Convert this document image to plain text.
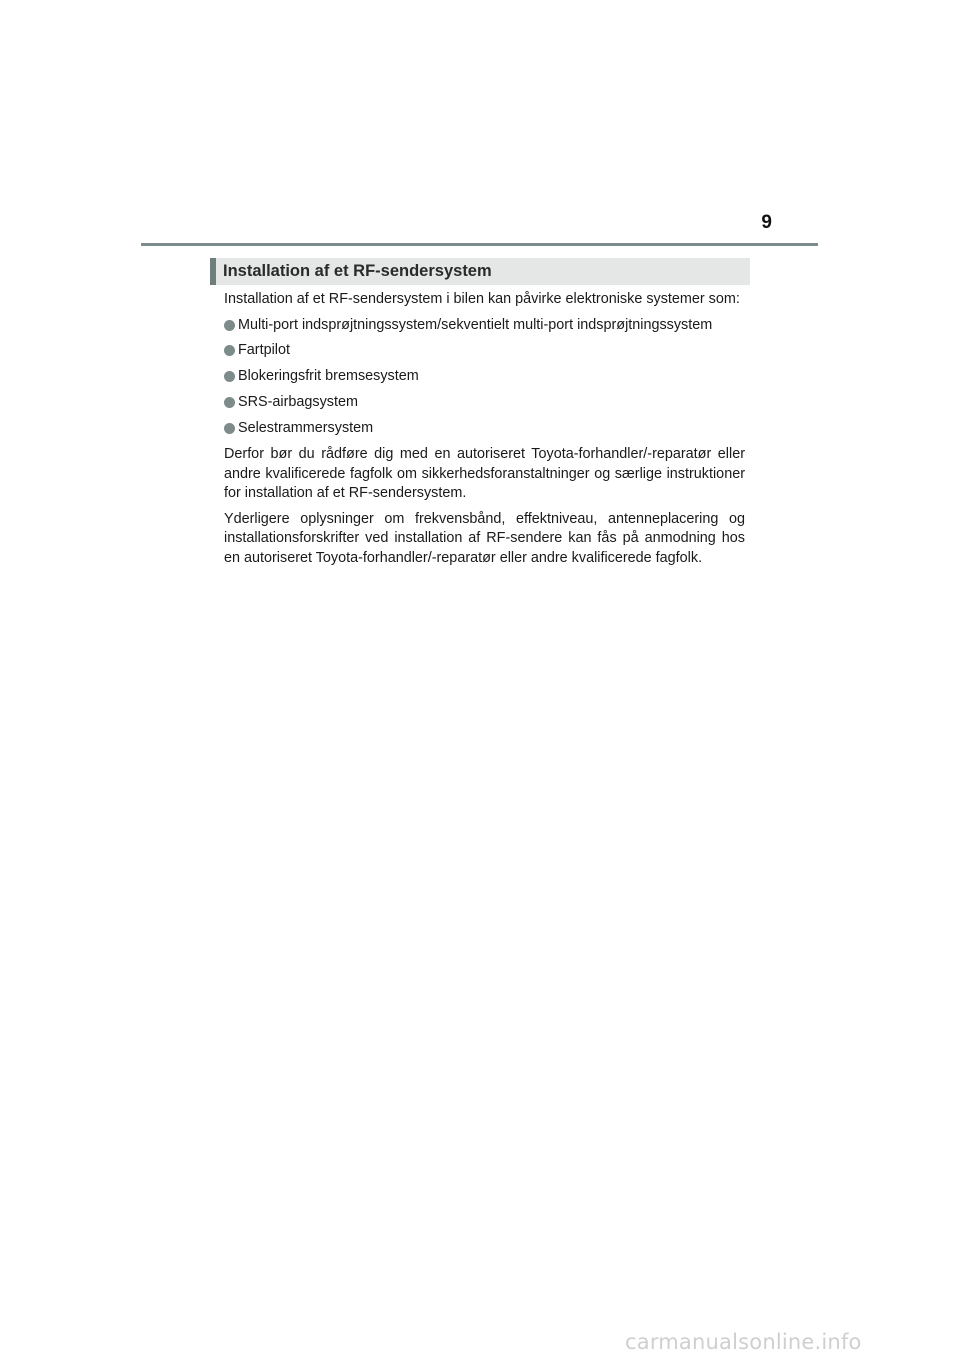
9
Installation af et RF-sendersystem

Installation af et RF-sendersystem i bilen kan påvirke elektroniske systemer som:

Multi-port indsprøjtningssystem/sekventielt multi-port indsprøjtningssystem
Fartpilot
Blokeringsfrit bremsesystem
SRS-airbagsystem
Selestrammersystem

Derfor bør du rådføre dig med en autoriseret Toyota-forhandler/-reparatør eller andre kvalificerede fagfolk om sikkerhedsforanstaltninger og særlige instruktioner for installation af et RF-sendersystem.

Yderligere oplysninger om frekvensbånd, effektniveau, antenneplacering og installationsforskrifter ved installation af RF-sendere kan fås på anmodning hos en autoriseret Toyota-forhandler/-reparatør eller andre kvalificerede fagfolk.

carmanualsonline.info
